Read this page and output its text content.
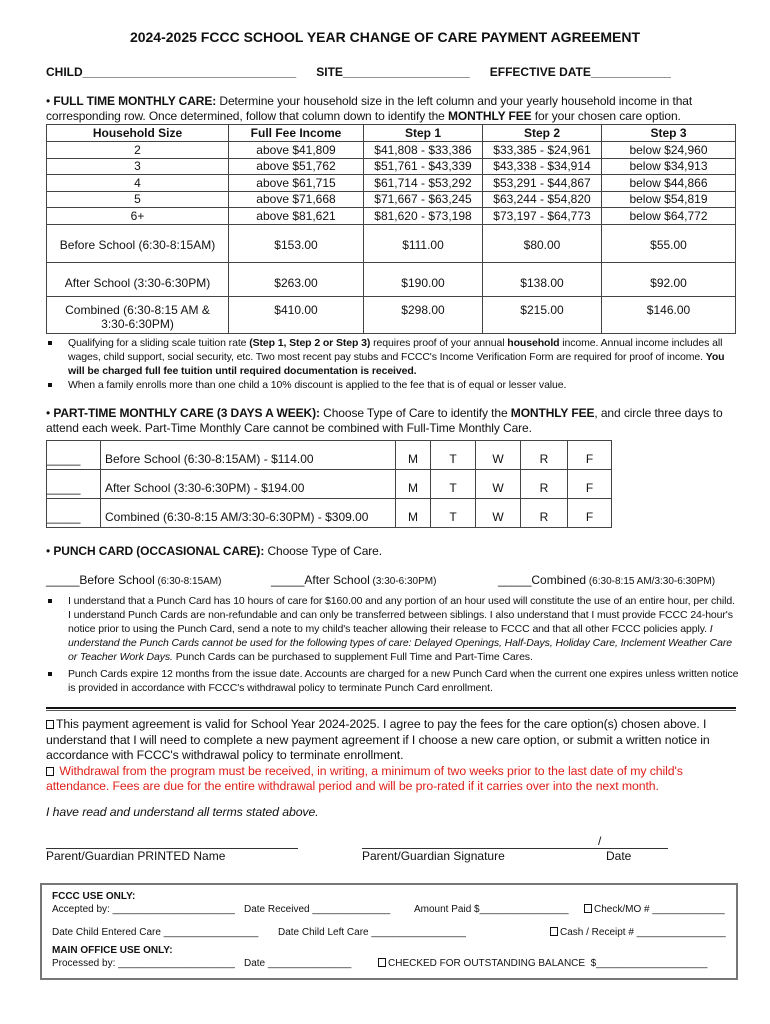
2024-2025 FCCC SCHOOL YEAR CHANGE OF CARE PAYMENT AGREEMENT
CHILD________________________________ SITE___________________ EFFECTIVE DATE____________
• FULL TIME MONTHLY CARE: Determine your household size in the left column and your yearly household income in that corresponding row. Once determined, follow that column down to identify the MONTHLY FEE for your chosen care option.
Household Size	Full Fee Income	Step 1	Step 2	Step 3
2	above $41,809	$41,808 - $33,386	$33,385 - $24,961	below $24,960
3	above $51,762	$51,761 - $43,339	$43,338 - $34,914	below $34,913
4	above $61,715	$61,714 - $53,292	$53,291 - $44,867	below $44,866
5	above $71,668	$71,667 - $63,245	$63,244 - $54,820	below $54,819
6+	above $81,621	$81,620 - $73,198	$73,197 - $64,773	below $64,772
Before School (6:30-8:15AM)	$153.00	$111.00	$80.00	$55.00
After School (3:30-6:30PM)	$263.00	$190.00	$138.00	$92.00
Combined (6:30-8:15 AM & 3:30-6:30PM)	$410.00	$298.00	$215.00	$146.00
Qualifying for a sliding scale tuition rate (Step 1, Step 2 or Step 3) requires proof of your annual household income. Annual income includes all wages, child support, social security, etc. Two most recent pay stubs and FCCC's Income Verification Form are required for proof of income. You will be charged full fee tuition until required documentation is received.
When a family enrolls more than one child a 10% discount is applied to the fee that is of equal or lesser value.
• PART-TIME MONTHLY CARE (3 DAYS A WEEK): Choose Type of Care to identify the MONTHLY FEE, and circle three days to attend each week. Part-Time Monthly Care cannot be combined with Full-Time Monthly Care.
_____	Before School (6:30-8:15AM) - $114.00	M	T	W	R	F
_____	After School (3:30-6:30PM) - $194.00	M	T	W	R	F
_____	Combined (6:30-8:15 AM/3:30-6:30PM) - $309.00	M	T	W	R	F
• PUNCH CARD (OCCASIONAL CARE): Choose Type of Care.
_____Before School (6:30-8:15AM)	_____After School (3:30-6:30PM)	_____Combined (6:30-8:15 AM/3:30-6:30PM)
I understand that a Punch Card has 10 hours of care for $160.00 and any portion of an hour used will constitute the use of an entire hour, per child. I understand Punch Cards are non-refundable and can only be transferred between siblings. I also understand that I must provide FCCC 24-hour's notice prior to using the Punch Card, send a note to my child's teacher allowing their release to FCCC and that all other FCCC policies apply. I understand the Punch Cards cannot be used for the following types of care: Delayed Openings, Half-Days, Holiday Care, Inclement Weather Care or Teacher Work Days. Punch Cards can be purchased to supplement Full Time and Part-Time Cares.
Punch Cards expire 12 months from the issue date. Accounts are charged for a new Punch Card when the current one expires unless written notice is provided in accordance with FCCC's withdrawal policy to terminate Punch Card enrollment.
This payment agreement is valid for School Year 2024-2025. I agree to pay the fees for the care option(s) chosen above. I understand that I will need to complete a new payment agreement if I choose a new care option, or submit a written notice in accordance with FCCC's withdrawal policy to terminate enrollment.
Withdrawal from the program must be received, in writing, a minimum of two weeks prior to the last date of my child's attendance. Fees are due for the entire withdrawal period and will be pro-rated if it carries over into the next month.
I have read and understand all terms stated above.
/
Parent/Guardian PRINTED Name	Parent/Guardian Signature	Date
FCCC USE ONLY:
Accepted by: ______________________ Date Received ______________ Amount Paid $________________	Check/MO # _____________
Date Child Entered Care _________________ Date Child Left Care _________________	Cash / Receipt # ________________
MAIN OFFICE USE ONLY:
Processed by: _____________________ Date _______________	CHECKED FOR OUTSTANDING BALANCE  $____________________
